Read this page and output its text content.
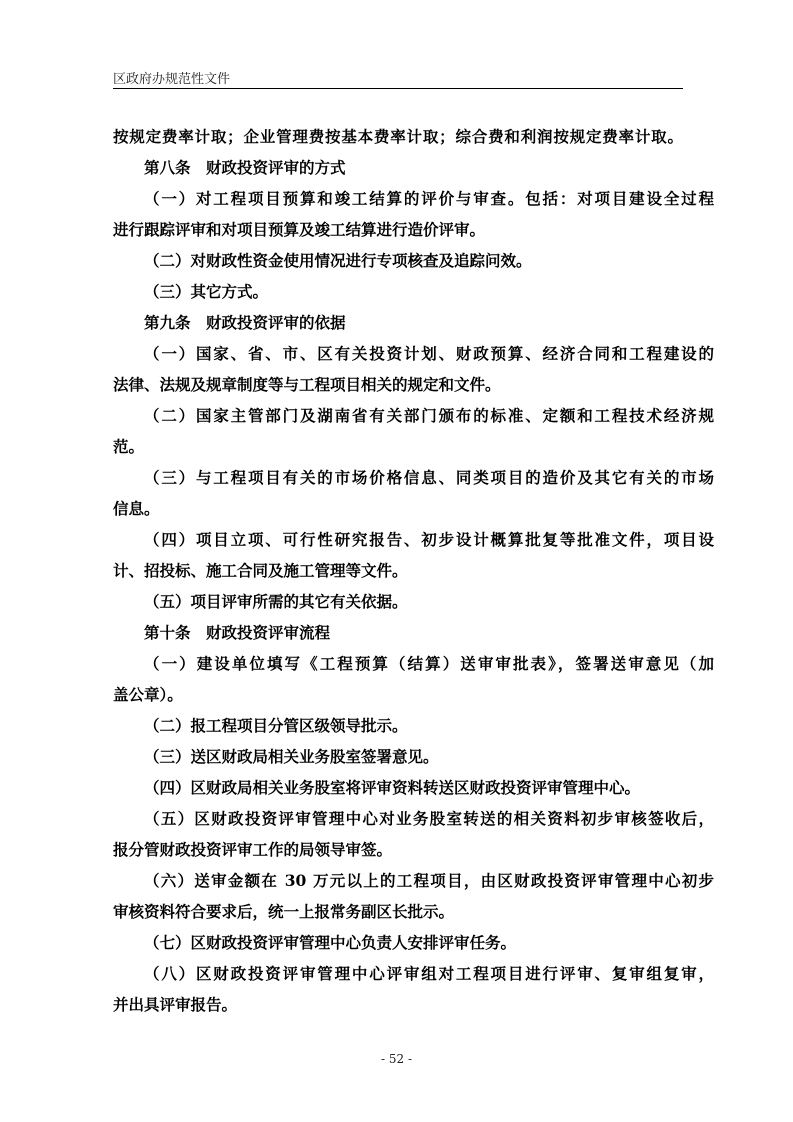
区政府办规范性文件
按规定费率计取；企业管理费按基本费率计取；综合费和利润按规定费率计取。
第八条　财政投资评审的方式
（一）对工程项目预算和竣工结算的评价与审查。包括：对项目建设全过程
进行跟踪评审和对项目预算及竣工结算进行造价评审。
（二）对财政性资金使用情况进行专项核查及追踪问效。
（三）其它方式。
第九条　财政投资评审的依据
（一）国家、省、市、区有关投资计划、财政预算、经济合同和工程建设的
法律、法规及规章制度等与工程项目相关的规定和文件。
（二）国家主管部门及湖南省有关部门颁布的标准、定额和工程技术经济规
范。
（三）与工程项目有关的市场价格信息、同类项目的造价及其它有关的市场
信息。
（四）项目立项、可行性研究报告、初步设计概算批复等批准文件，项目设
计、招投标、施工合同及施工管理等文件。
（五）项目评审所需的其它有关依据。
第十条　财政投资评审流程
（一）建设单位填写《工程预算（结算）送审审批表》，签署送审意见（加
盖公章）。
（二）报工程项目分管区级领导批示。
（三）送区财政局相关业务股室签署意见。
（四）区财政局相关业务股室将评审资料转送区财政投资评审管理中心。
（五）区财政投资评审管理中心对业务股室转送的相关资料初步审核签收后，
报分管财政投资评审工作的局领导审签。
（六）送审金额在 30 万元以上的工程项目，由区财政投资评审管理中心初步
审核资料符合要求后，统一上报常务副区长批示。
（七）区财政投资评审管理中心负责人安排评审任务。
（八）区财政投资评审管理中心评审组对工程项目进行评审、复审组复审，
并出具评审报告。
- 52 -
